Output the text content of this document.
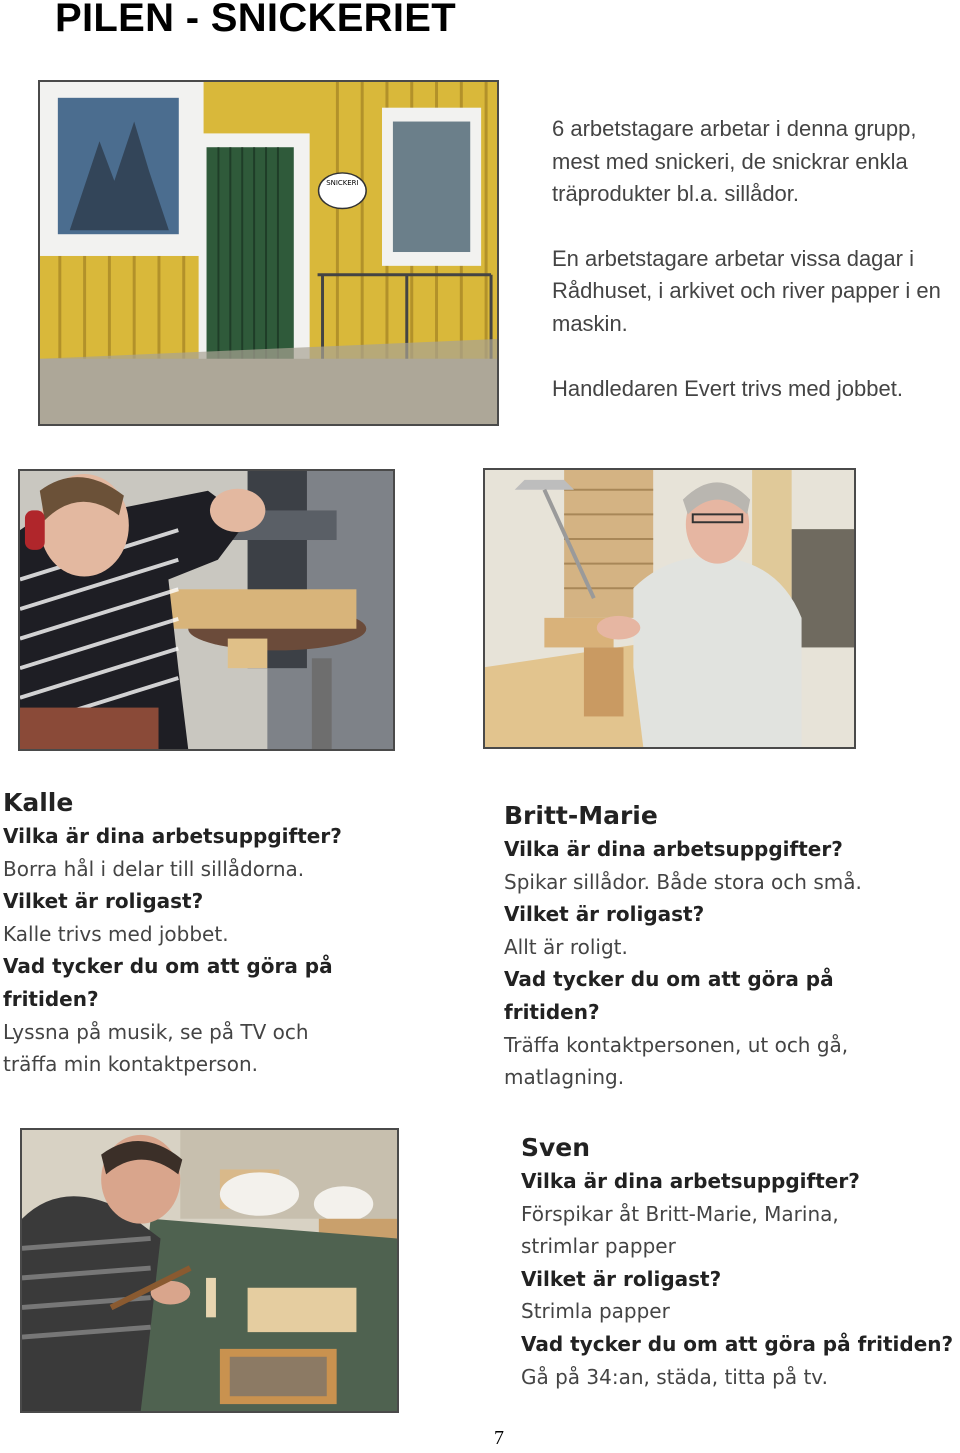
PILEN - SNICKERIET
SNICKERI

6 arbetstagare arbetar i denna grupp, mest med snickeri, de snickrar enkla träprodukter bl.a. sillådor.

En arbetstagare arbetar vissa dagar i Rådhuset, i arkivet och river papper i en maskin.

Handledaren Evert trivs med jobbet.

Kalle
Vilka är dina arbetsuppgifter?
Borra hål i delar till sillådorna.
Vilket är roligast?
Kalle trivs med jobbet.
Vad tycker du om att göra på
fritiden?
Lyssna på musik, se på TV och
träffa min kontaktperson.
Britt-Marie
Vilka är dina arbetsuppgifter?
Spikar sillådor. Både stora och små.
Vilket är roligast?
Allt är roligt.
Vad tycker du om att göra på
fritiden?
Träffa kontaktpersonen, ut och gå,
matlagning.
Sven
Vilka är dina arbetsuppgifter?
Förspikar åt Britt-Marie, Marina,
strimlar papper
Vilket är roligast?
Strimla papper
Vad tycker du om att göra på fritiden?
Gå på 34:an, städa, titta på tv.
7
